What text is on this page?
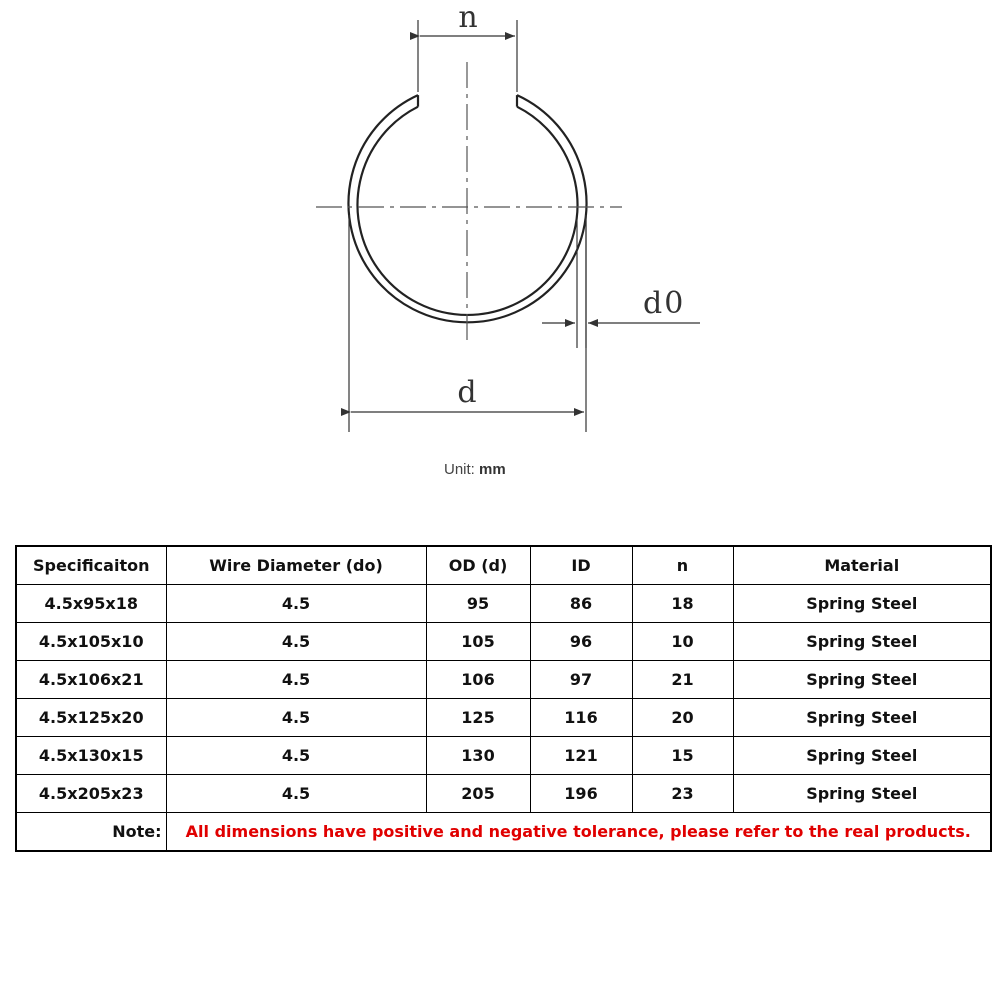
n
d
d0
Unit: mm
Specificaiton	Wire Diameter (do)	OD (d)	ID	n	Material
4.5x95x18	4.5	95	86	18	Spring Steel
4.5x105x10	4.5	105	96	10	Spring Steel
4.5x106x21	4.5	106	97	21	Spring Steel
4.5x125x20	4.5	125	116	20	Spring Steel
4.5x130x15	4.5	130	121	15	Spring Steel
4.5x205x23	4.5	205	196	23	Spring Steel
Note:	All dimensions have positive and negative tolerance, please refer to the real products.				
